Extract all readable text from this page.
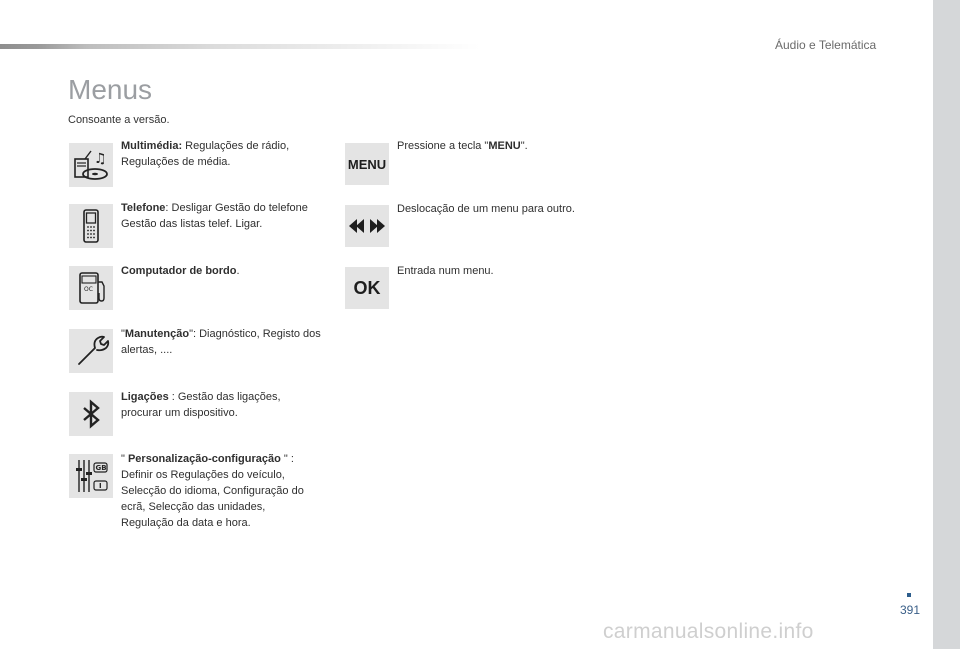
Áudio e Telemática
Menus
Consoante a versão.
♫
Multimédia: Regulações de rádio, Regulações de média.
Telefone: Desligar Gestão do telefone Gestão das listas telef. Ligar.
OC
Computador de bordo.
"Manutenção": Diagnóstico, Registo dos alertas, ....
Ligações : Gestão das ligações, procurar um dispositivo.
GB
I
" Personalização-configuração " : Definir os Regulações do veículo, Selecção do idioma, Configuração do ecrã, Selecção das unidades, Regulação da data e hora.
MENU
Pressione a tecla "MENU".
Deslocação de um menu para outro.
OK
Entrada num menu.
391
carmanualsonline.info
